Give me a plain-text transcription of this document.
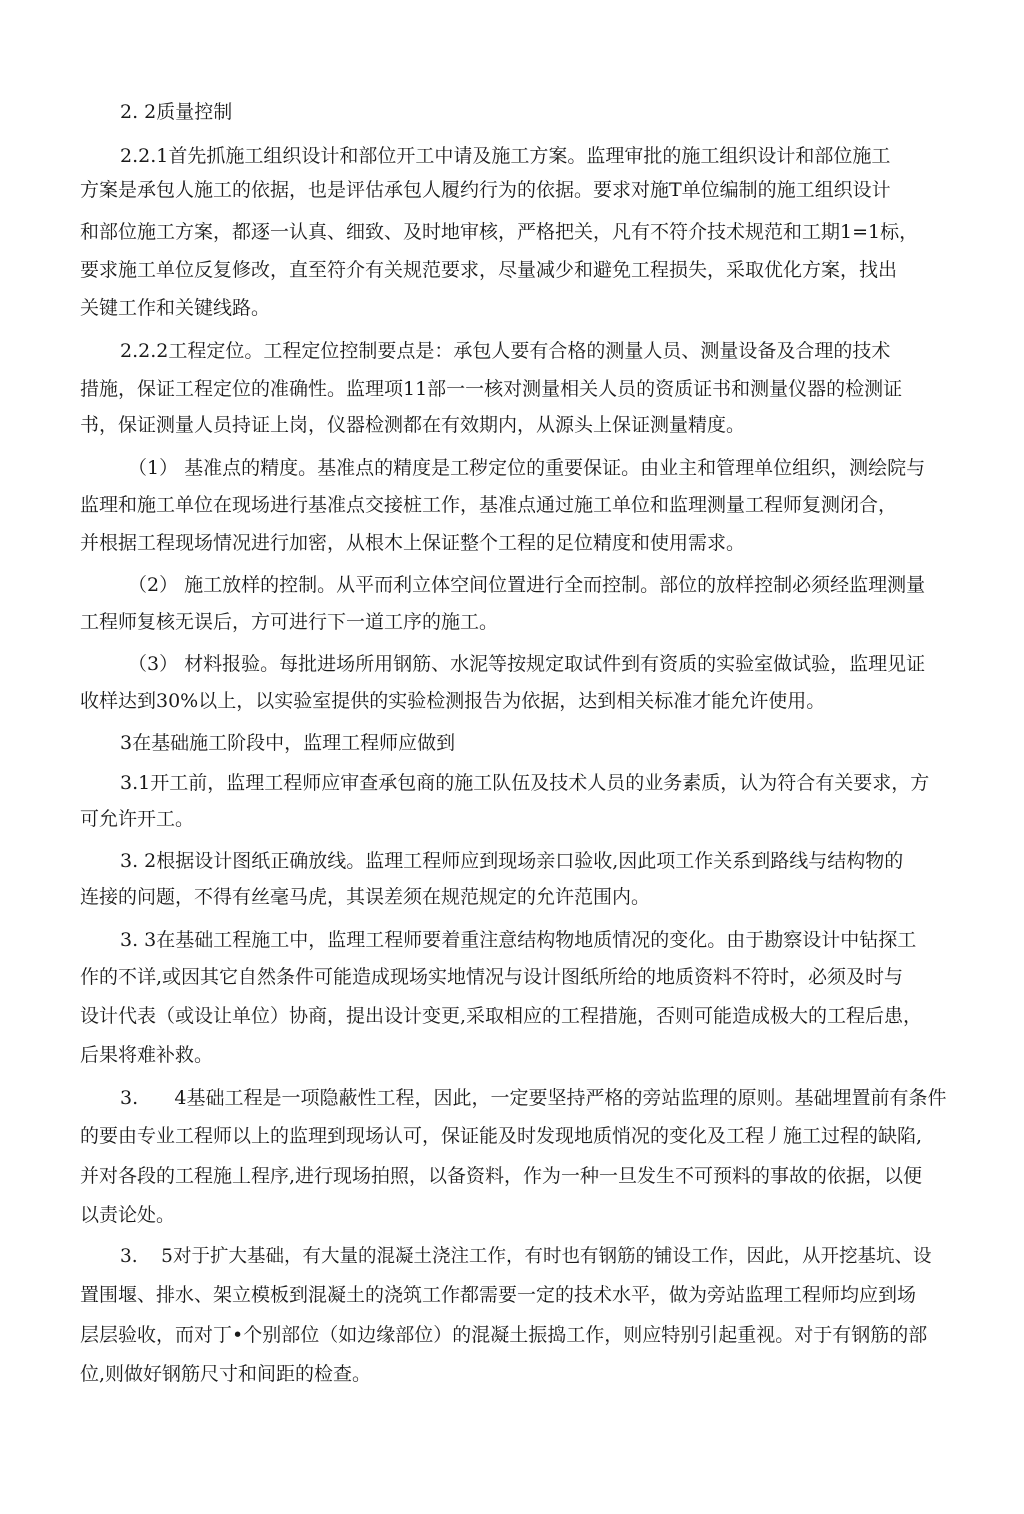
2. 2质量控制
2.2.1首先抓施工组织设计和部位开工中请及施工方案。监理审批的施工组织设计和部位施工
方案是承包人施工的依据，也是评估承包人履约行为的依据。要求对施T单位编制的施工组织设计
和部位施工方案，都逐一认真、细致、及时地审核，严格把关，凡有不符介技术规范和工期1=1标，
要求施工单位反复修改，直至符介有关规范要求，尽量减少和避免工程损失，采取优化方案，找出
关键工作和关键线路。
2.2.2工程定位。工程定位控制要点是：承包人要有合格的测量人员、测量设备及合理的技术
措施，保证工程定位的准确性。监理项11部一一核对测量相关人员的资质证书和测量仪器的检测证
书，保证测量人员持证上岗，仪器检测都在有效期内，从源头上保证测量精度。
（1） 基准点的精度。基准点的精度是工秽定位的重要保证。由业主和管理单位组织，测绘院与
监理和施工单位在现场进行基准点交接桩工作，基准点通过施工单位和监理测量工程师复测闭合，
并根据工程现场情况进行加密，从根木上保证整个工程的足位精度和使用需求。
（2） 施工放样的控制。从平而利立体空间位置进行全而控制。部位的放样控制必须经监理测量
工程师复核无误后，方可进行下一道工序的施工。
（3） 材料报验。每批进场所用钢筋、水泥等按规定取试件到有资质的实验室做试验，监理见证
收样达到30%以上，以实验室提供的实验检测报告为依据，达到相关标准才能允许使用。
3在基础施工阶段中，监理工程师应做到
3.1开工前，监理工程师应审查承包商的施工队伍及技术人员的业务素质，认为符合有关要求，方
可允许开工。
3. 2根据设计图纸正确放线。监理工程师应到现场亲口验收,因此项工作关系到路线与结构物的
连接的问题，不得有丝毫马虎，其误差须在规范规定的允许范围内。
3. 3在基础工程施工中，监理工程师要着重注意结构物地质情况的变化。由于勘察设计中钻探工
作的不详,或因其它自然条件可能造成现场实地情况与设计图纸所给的地质资料不符时，必须及时与
设计代表（或设让单位）协商，提出设计变更,采取相应的工程措施，否则可能造成极大的工程后患，
后果将难补救。
3.      4基础工程是一项隐蔽性工程，因此，一定要坚持严格的旁站监理的原则。基础埋置前有条件
的要由专业工程师以上的监理到现场认可，保证能及时发现地质悄况的变化及工程丿施工过程的缺陷,
并对各段的工程施丄程序,进行现场拍照，以备资料，作为一种一旦发生不可预料的事故的依据，以便
以责论处。
3.    5对于扩大基础，有大量的混凝土浇注工作，有时也有钢筋的铺设工作，因此，从开挖基坑、设
置围堰、排水、架立模板到混凝土的浇筑工作都需要一定的技术水平，做为旁站监理工程师均应到场
层层验收，而对丁•个别部位（如边缘部位）的混凝土振捣工作，则应特别引起重视。对于有钢筋的部
位,则做好钢筋尺寸和间距的检查。
